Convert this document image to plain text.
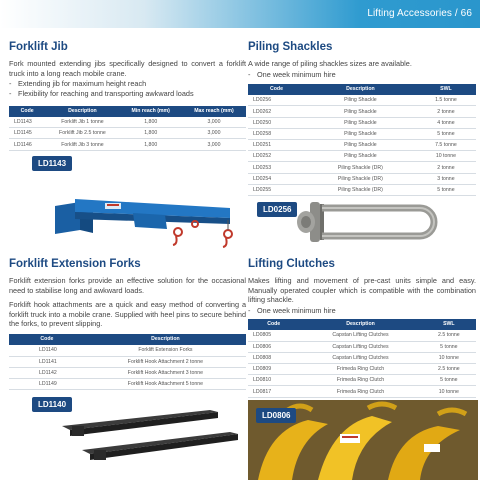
Lifting Accessories / 66
Forklift Jib

Fork mounted extending jibs specifically designed to convert a forklift truck into a long reach mobile crane.

- Extending jib for maximum height reach
- Flexibility for reaching and transporting awkward loads
Code	Description	Min reach (mm)	Max reach (mm)
LD1143	Forklift Jib 1 tonne	1,800	3,000
LD1145	Forklift Jib 2.5 tonne	1,800	3,000
LD1146	Forklift Jib 3 tonne	1,800	3,000
LD1143
Piling Shackles

A wide range of piling shackles sizes are available.

- One week minimum hire
Code	Description	SWL
LD0256	Piling Shackle	1.5 tonne
LD0262	Piling Shackle	2 tonne
LD0250	Piling Shackle	4 tonne
LD0258	Piling Shackle	5 tonne
LD0251	Piling Shackle	7.5 tonne
LD0252	Piling Shackle	10 tonne
LD0253	Piling Shackle (DR)	2 tonne
LD0254	Piling Shackle (DR)	3 tonne
LD0255	Piling Shackle (DR)	5 tonne
LD0256
Forklift Extension Forks

Forklift extension forks provide an effective solution for the occasional need to stabilise long and awkward loads.

Forklift hook attachments are a quick and easy method of converting a forklift truck into a mobile crane. Supplied with heel pins to secure behind the forks, to prevent slipping.

Code	Description
LD1140	Forklift Extension Forks
LD1141	Forklift Hook Attachment 2 tonne
LD1142	Forklift Hook Attachment 3 tonne
LD1149	Forklift Hook Attachment 5 tonne
LD1140
Lifting Clutches

Makes lifting and movement of pre-cast units simple and easy. Manually operated coupler which is compatible with the combination lifting shackle.

- One week minimum hire
Code	Description	SWL
LD0805	Capstan Lifting Clutches	2.5 tonne
LD0806	Capstan Lifting Clutches	5 tonne
LD0808	Capstan Lifting Clutches	10 tonne
LD0809	Frimeda Ring Clutch	2.5 tonne
LD0810	Frimeda Ring Clutch	5 tonne
LD0817	Frimeda Ring Clutch	10 tonne
LD0806
